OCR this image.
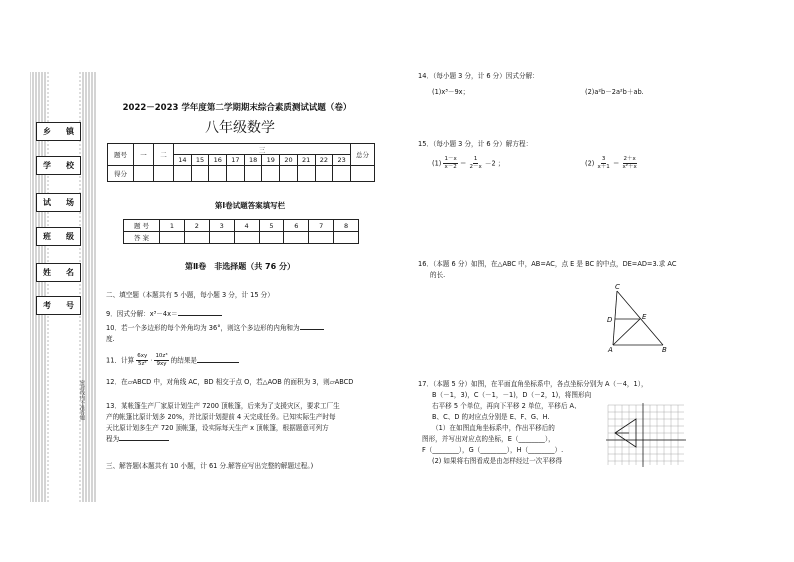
乡 镇
学 校
试 场
班 级
姓 名
考 号
密封线内不准答题
2022－2023 学年度第二学期期末综合素质测试试题（卷）
八年级数学
题号	一	二	三										总分
			14	15	16	17	18	19	20	21	22	23	
得分													
第Ⅰ卷试题答案填写栏
题 号	1	2	3	4	5	6	7	8
答 案								
第Ⅱ卷　非选择题（共 76 分）
二、填空题（本题共有 5 小题，每小题 3 分，计 15 分）
9．因式分解：x³－4x＝
10．若一个多边形的每个外角均为 36°，则这个多边形的内角和为
度.
11．计算 $\frac{6xy}{\text{5z²}} \cdot \frac{\text{10z³}}{9xy}$ 的结果是
12．在▱ABCD 中，对角线 AC，BD 相交于点 O，若△AOB 的面积为 3，则▱ABCD
13．某帐篷生产厂家原计划生产 7200 顶帐篷，后来为了支援灾区，要求工厂生
产的帐篷比原计划多 20%，并比原计划提前 4 天完成任务。已知实际生产时每
天比原计划多生产 720 顶帐篷，设实际每天生产 x 顶帐篷，根据题意可列方
程为
三、解答题(本题共有 10 小题，计 61 分.解答应写出完整的解题过程。)
14．（每小题 3 分，计 6 分）因式分解：
(1)x³－9x；	(2)a²b－2a²b＋ab.
15．（每小题 3 分，计 6 分）解方程：
$(1) \frac{1-x}{x-2} = \frac{1}{2-x} -2$ ；	$(2) \frac{3}{x+1} = \frac{2+x}{\text{x²＋x}}$
16．（本题 6 分）如图，在△ABC 中，AB=AC，点 E 是 BC 的中点，DE=AD=3.求 AC
的长.
C
D	E
A	B
17．（本题 5 分）如图，在平面直角坐标系中，各点坐标分别为 A（－4，1），
B（－1，3)，C（－1，－1)，D（－2，1)，将图形向
右平移 5 个单位，再向下平移 2 单位，平移后 A、
B、C、D 的对应点分别是 E、F、G、H.
（1）在如图直角坐标系中，作出平移后的
图形，并写出对应点的坐标，E（________），
F（________），G（________），H（________）.
(2) 如果将右图看成是由怎样经过一次平移得
